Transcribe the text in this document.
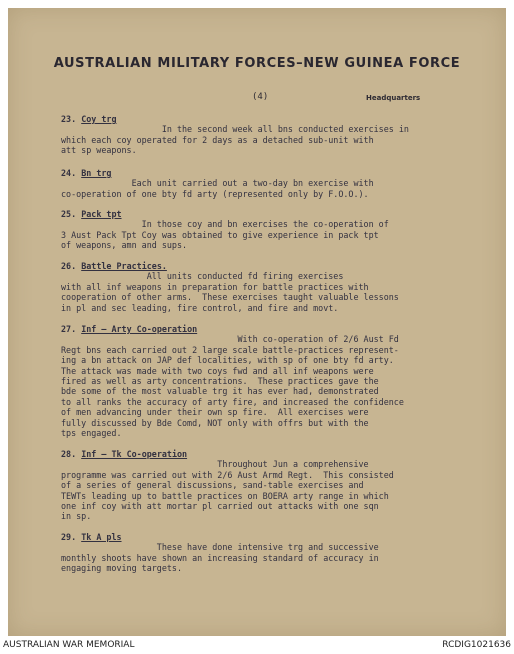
AUSTRALIAN MILITARY FORCES–NEW GUINEA FORCE
(4)	Headquarters
23. Coy trg
In the second week all bns conducted exercises in
which each coy operated for 2 days as a detached sub-unit with
att sp weapons.
24. Bn trg
Each unit carried out a two-day bn exercise with
co-operation of one bty fd arty (represented only by F.O.O.).
25. Pack tpt
In those coy and bn exercises the co-operation of
3 Aust Pack Tpt Coy was obtained to give experience in pack tpt
of weapons, amn and sups.
26. Battle Practices.
All units conducted fd firing exercises
with all inf weapons in preparation for battle practices with
cooperation of other arms.  These exercises taught valuable lessons
in pl and sec leading, fire control, and fire and movt.
27. Inf – Arty Co-operation
With co-operation of 2/6 Aust Fd
Regt bns each carried out 2 large scale battle-practices represent-
ing a bn attack on JAP def localities, with sp of one bty fd arty.
The attack was made with two coys fwd and all inf weapons were
fired as well as arty concentrations.  These practices gave the
bde some of the most valuable trg it has ever had, demonstrated
to all ranks the accuracy of arty fire, and increased the confidence
of men advancing under their own sp fire.  All exercises were
fully discussed by Bde Comd, NOT only with offrs but with the
tps engaged.
28. Inf – Tk Co-operation
Throughout Jun a comprehensive
programme was carried out with 2/6 Aust Armd Regt.  This consisted
of a series of general discussions, sand-table exercises and
TEWTs leading up to battle practices on BOERA arty range in which
one inf coy with att mortar pl carried out attacks with one sqn
in sp.
29. Tk A pls
These have done intensive trg and successive
monthly shoots have shown an increasing standard of accuracy in
engaging moving targets.
AUSTRALIAN WAR MEMORIAL	RCDIG1021636
